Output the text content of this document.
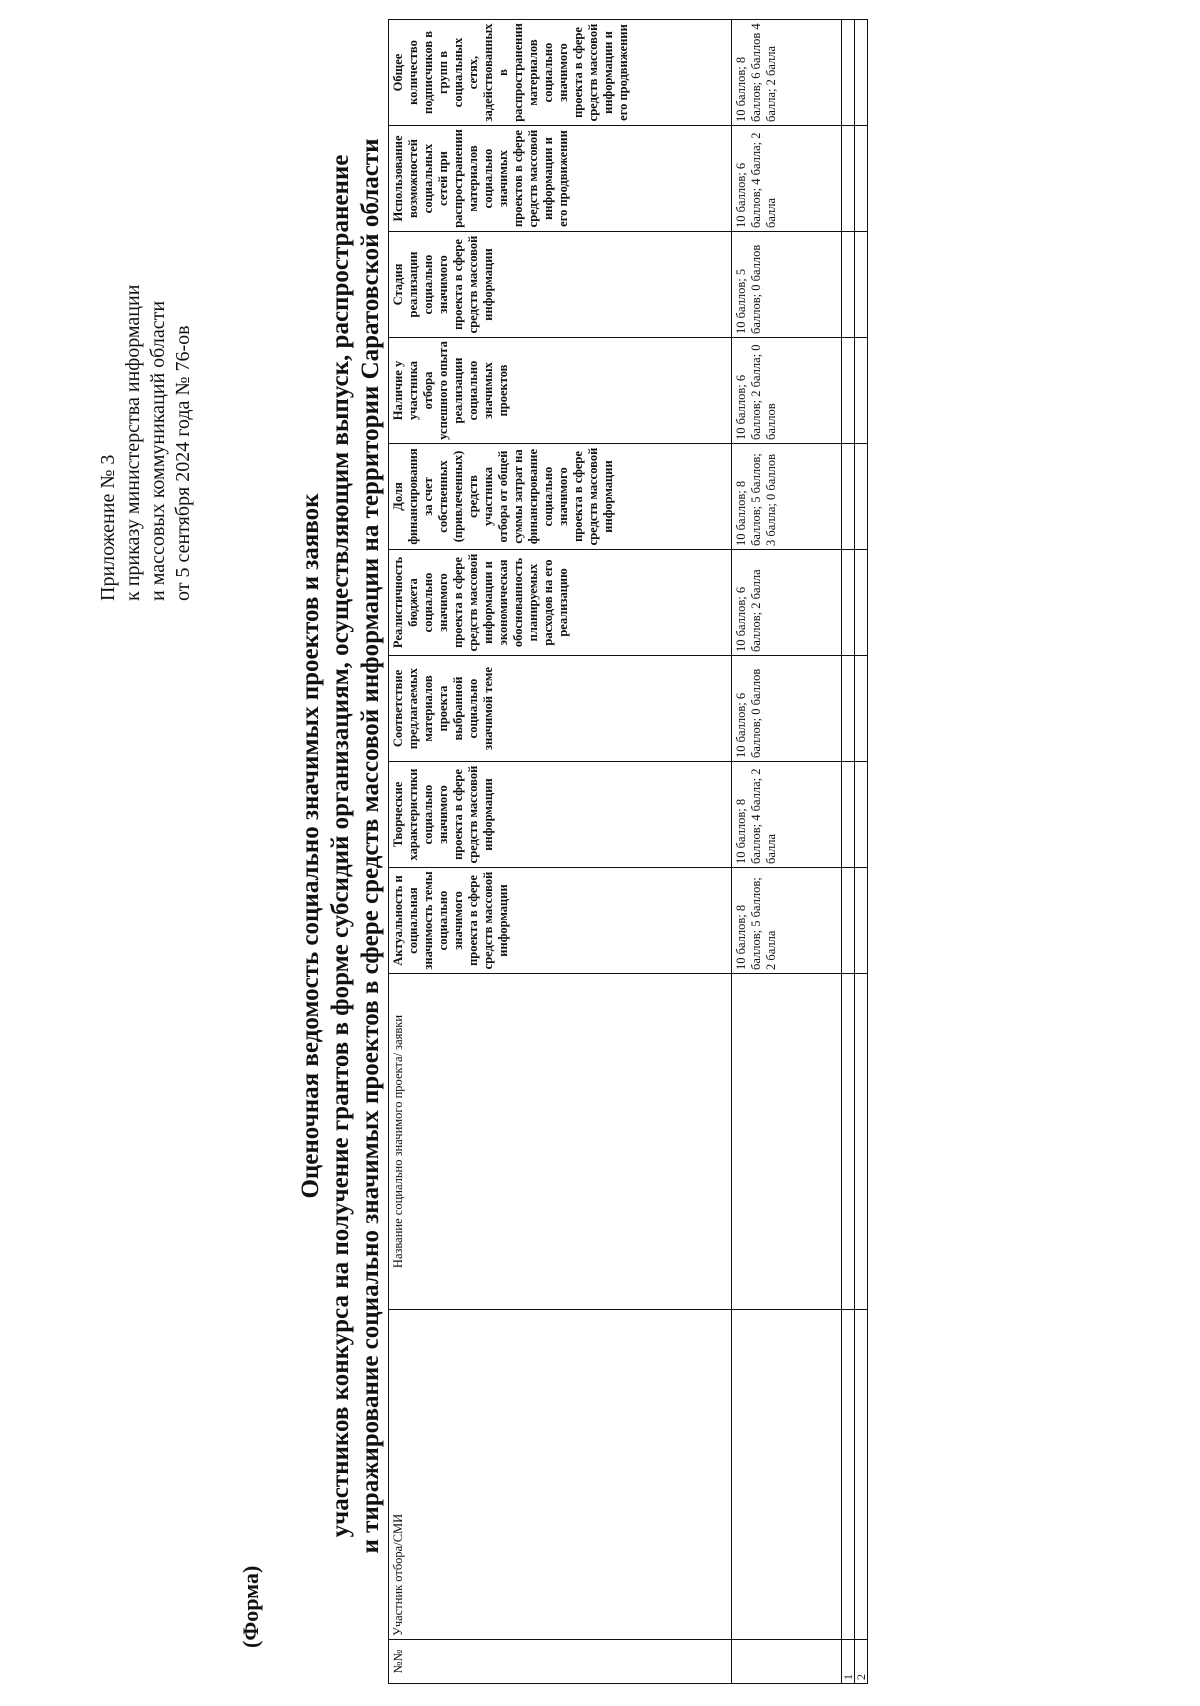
Приложение № 3 к приказу министерства информации и массовых коммуникаций области от 5 сентября 2024 года № 76-ов
(Форма)
Оценочная ведомость социально значимых проектов и заявок участников конкурса на получение грантов в форме субсидий организациям, осуществляющим выпуск, распространение и тиражирование социально значимых проектов в сфере средств массовой информации на территории Саратовской области
№№	Участник отбора/СМИ	Название социально значимого проекта/ заявки	Актуальность и социальная значимость темы социально значимого проекта в сфере средств массовой информации	Творческие характеристики социально значимого проекта в сфере средств массовой информации	Соответствие предлагаемых материалов проекта выбранной социально значимой теме	Реалистичность бюджета социально значимого проекта в сфере средств массовой информации и экономическая обоснованность планируемых расходов на его реализацию	Доля финансирования за счет собственных (привлеченных) средств участника отбора от общей суммы затрат на финансирование социально значимого проекта в сфере средств массовой информации	Наличие у участника отбора успешного опыта реализации социально значимых проектов	Стадия реализации социально значимого проекта в сфере средств массовой информации	Использование возможностей социальных сетей при распространении материалов социально значимых проектов в сфере средств массовой информации и его продвижении	Общее количество подписчиков в групп в социальных сетях, задействованных в распространении материалов социально значимого проекта в сфере средств массовой информации и его продвижении
			10 баллов; 8 баллов; 5 баллов; 2 балла	10 баллов; 8 баллов; 4 балла; 2 балла	10 баллов; 6 баллов; 0 баллов	10 баллов; 6 баллов; 2 балла	10 баллов; 8 баллов; 5 баллов; 3 балла; 0 баллов	10 баллов; 6 баллов; 2 балла; 0 баллов	10 баллов; 5 баллов; 0 баллов	10 баллов; 6 баллов; 4 балла; 2 балла	10 баллов; 8 баллов; 6 баллов 4 балла; 2 балла
1											
2											
